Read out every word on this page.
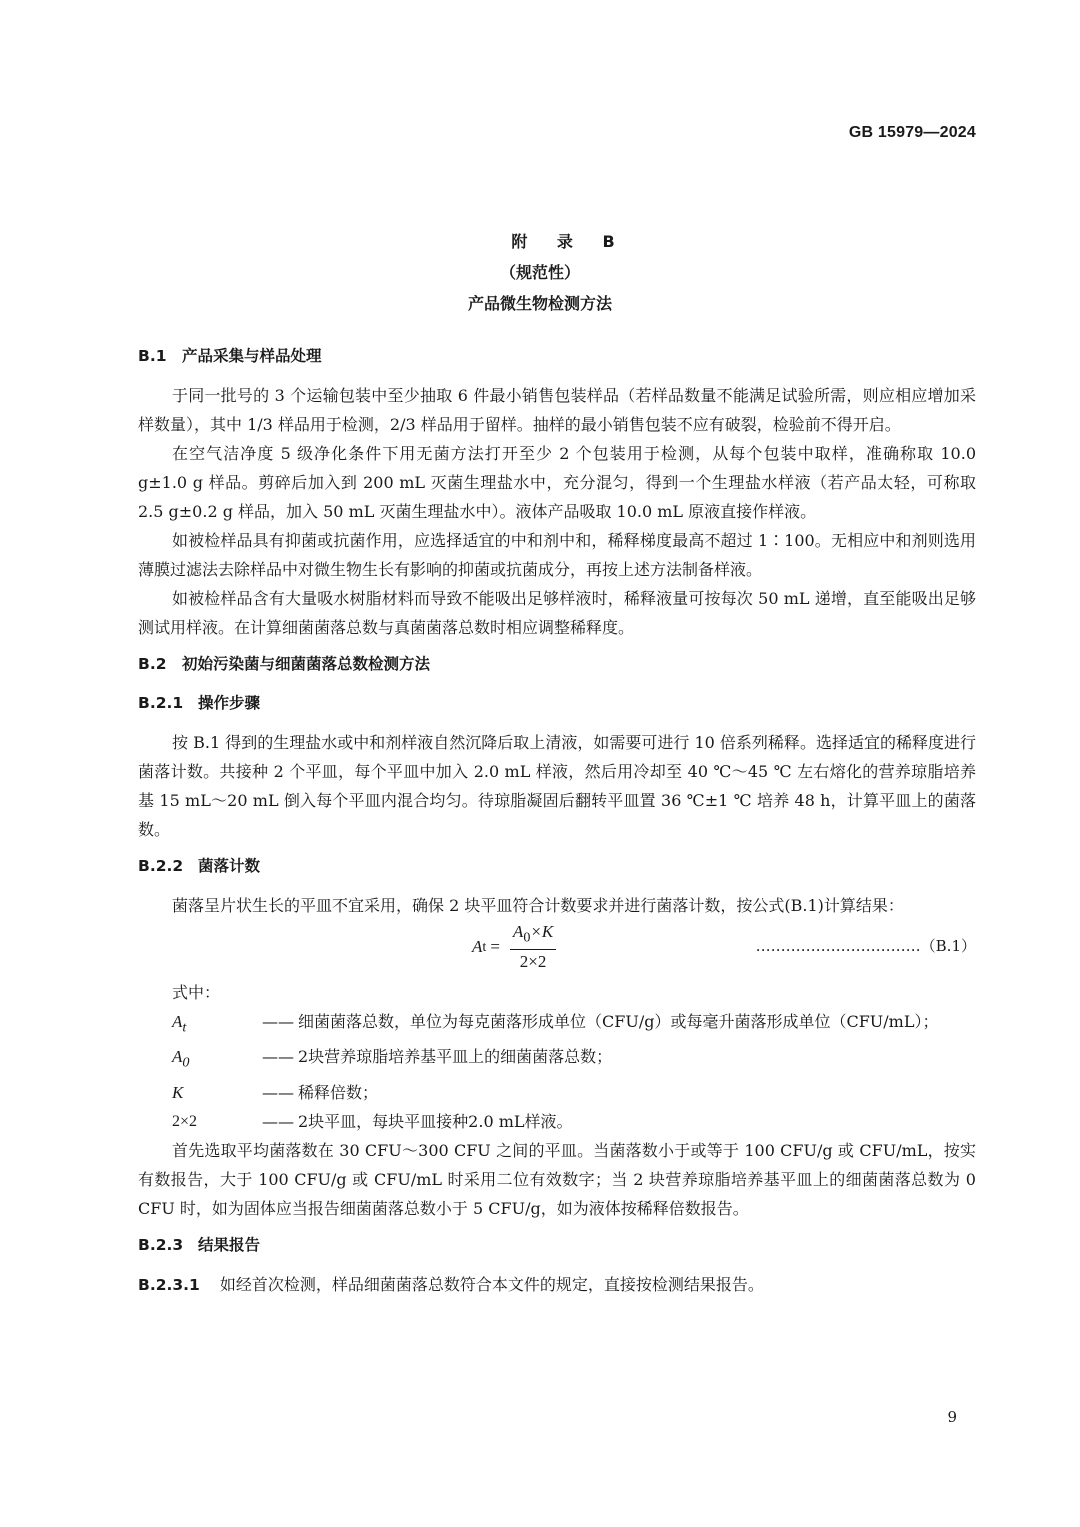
GB 15979—2024
附 录 B
（规范性）
产品微生物检测方法
B.1 产品采集与样品处理

于同一批号的 3 个运输包装中至少抽取 6 件最小销售包装样品（若样品数量不能满足试验所需，则应相应增加采样数量），其中 1/3 样品用于检测，2/3 样品用于留样。抽样的最小销售包装不应有破裂，检验前不得开启。

在空气洁净度 5 级净化条件下用无菌方法打开至少 2 个包装用于检测，从每个包装中取样，准确称取 10.0 g±1.0 g 样品。剪碎后加入到 200 mL 灭菌生理盐水中，充分混匀，得到一个生理盐水样液（若产品太轻，可称取 2.5 g±0.2 g 样品，加入 50 mL 灭菌生理盐水中）。液体产品吸取 10.0 mL 原液直接作样液。

如被检样品具有抑菌或抗菌作用，应选择适宜的中和剂中和，稀释梯度最高不超过 1∶100。无相应中和剂则选用薄膜过滤法去除样品中对微生物生长有影响的抑菌或抗菌成分，再按上述方法制备样液。

如被检样品含有大量吸水树脂材料而导致不能吸出足够样液时，稀释液量可按每次 50 mL 递增，直至能吸出足够测试用样液。在计算细菌菌落总数与真菌菌落总数时相应调整稀释度。

B.2 初始污染菌与细菌菌落总数检测方法
B.2.1 操作步骤

按 B.1 得到的生理盐水或中和剂样液自然沉降后取上清液，如需要可进行 10 倍系列稀释。选择适宜的稀释度进行菌落计数。共接种 2 个平皿，每个平皿中加入 2.0 mL 样液，然后用冷却至 40 ℃～45 ℃ 左右熔化的营养琼脂培养基 15 mL～20 mL 倒入每个平皿内混合均匀。待琼脂凝固后翻转平皿置 36 ℃±1 ℃ 培养 48 h，计算平皿上的菌落数。

B.2.2 菌落计数

菌落呈片状生长的平皿不宜采用，确保 2 块平皿符合计数要求并进行菌落计数，按公式(B.1)计算结果：

A $t = \frac{A_0\times K}{2\times 2}$	……………………………（B.1）
式中：
$A_t$	—— 细菌菌落总数，单位为每克菌落形成单位（CFU/g）或每毫升菌落形成单位（CFU/mL）；
$A_0$	—— 2块营养琼脂培养基平皿上的细菌菌落总数；
K	—— 稀释倍数；
2×2	—— 2块平皿，每块平皿接种2.0 mL样液。

首先选取平均菌落数在 30 CFU～300 CFU 之间的平皿。当菌落数小于或等于 100 CFU/g 或 CFU/mL，按实有数报告，大于 100 CFU/g 或 CFU/mL 时采用二位有效数字；当 2 块营养琼脂培养基平皿上的细菌菌落总数为 0 CFU 时，如为固体应当报告细菌菌落总数小于 5 CFU/g，如为液体按稀释倍数报告。

B.2.3 结果报告

B.2.3.1 如经首次检测，样品细菌菌落总数符合本文件的规定，直接按检测结果报告。

9
